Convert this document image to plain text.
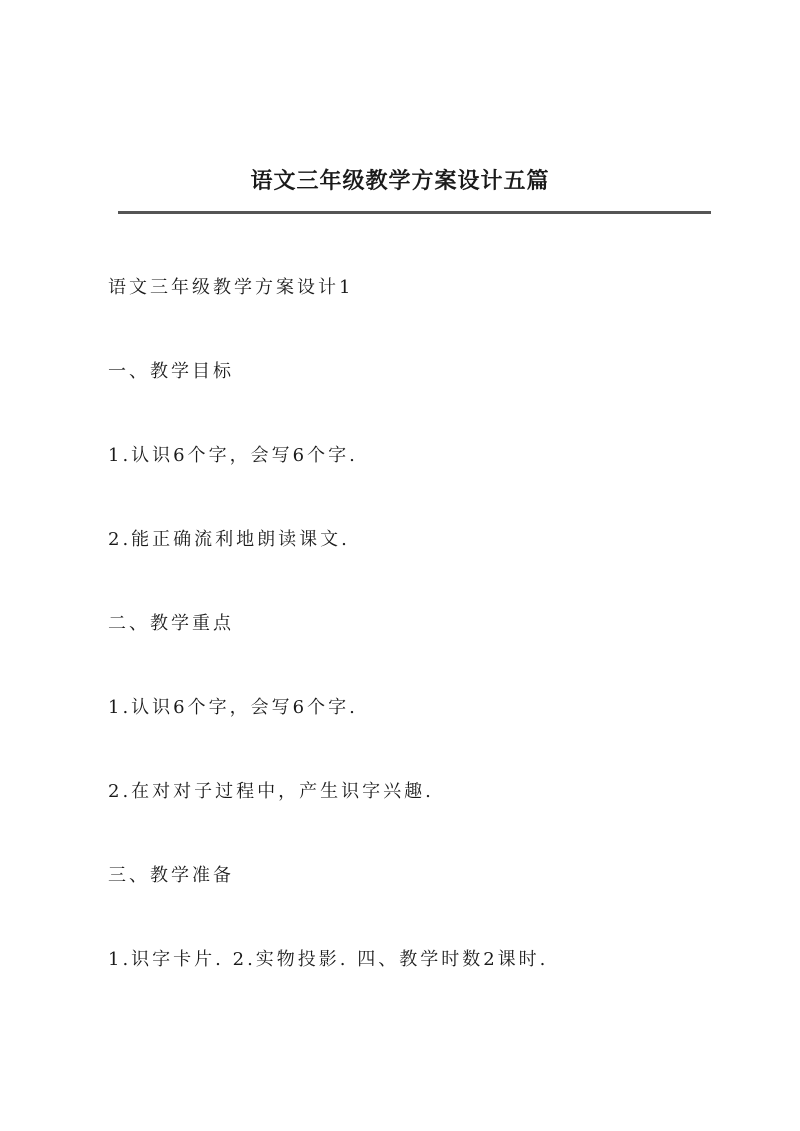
语文三年级教学方案设计五篇
语文三年级教学方案设计1
一、教学目标
1.认识6个字，会写6个字.
2.能正确流利地朗读课文.
二、教学重点
1.认识6个字，会写6个字.
2.在对对子过程中，产生识字兴趣.
三、教学准备
1.识字卡片. 2.实物投影. 四、教学时数2课时.
